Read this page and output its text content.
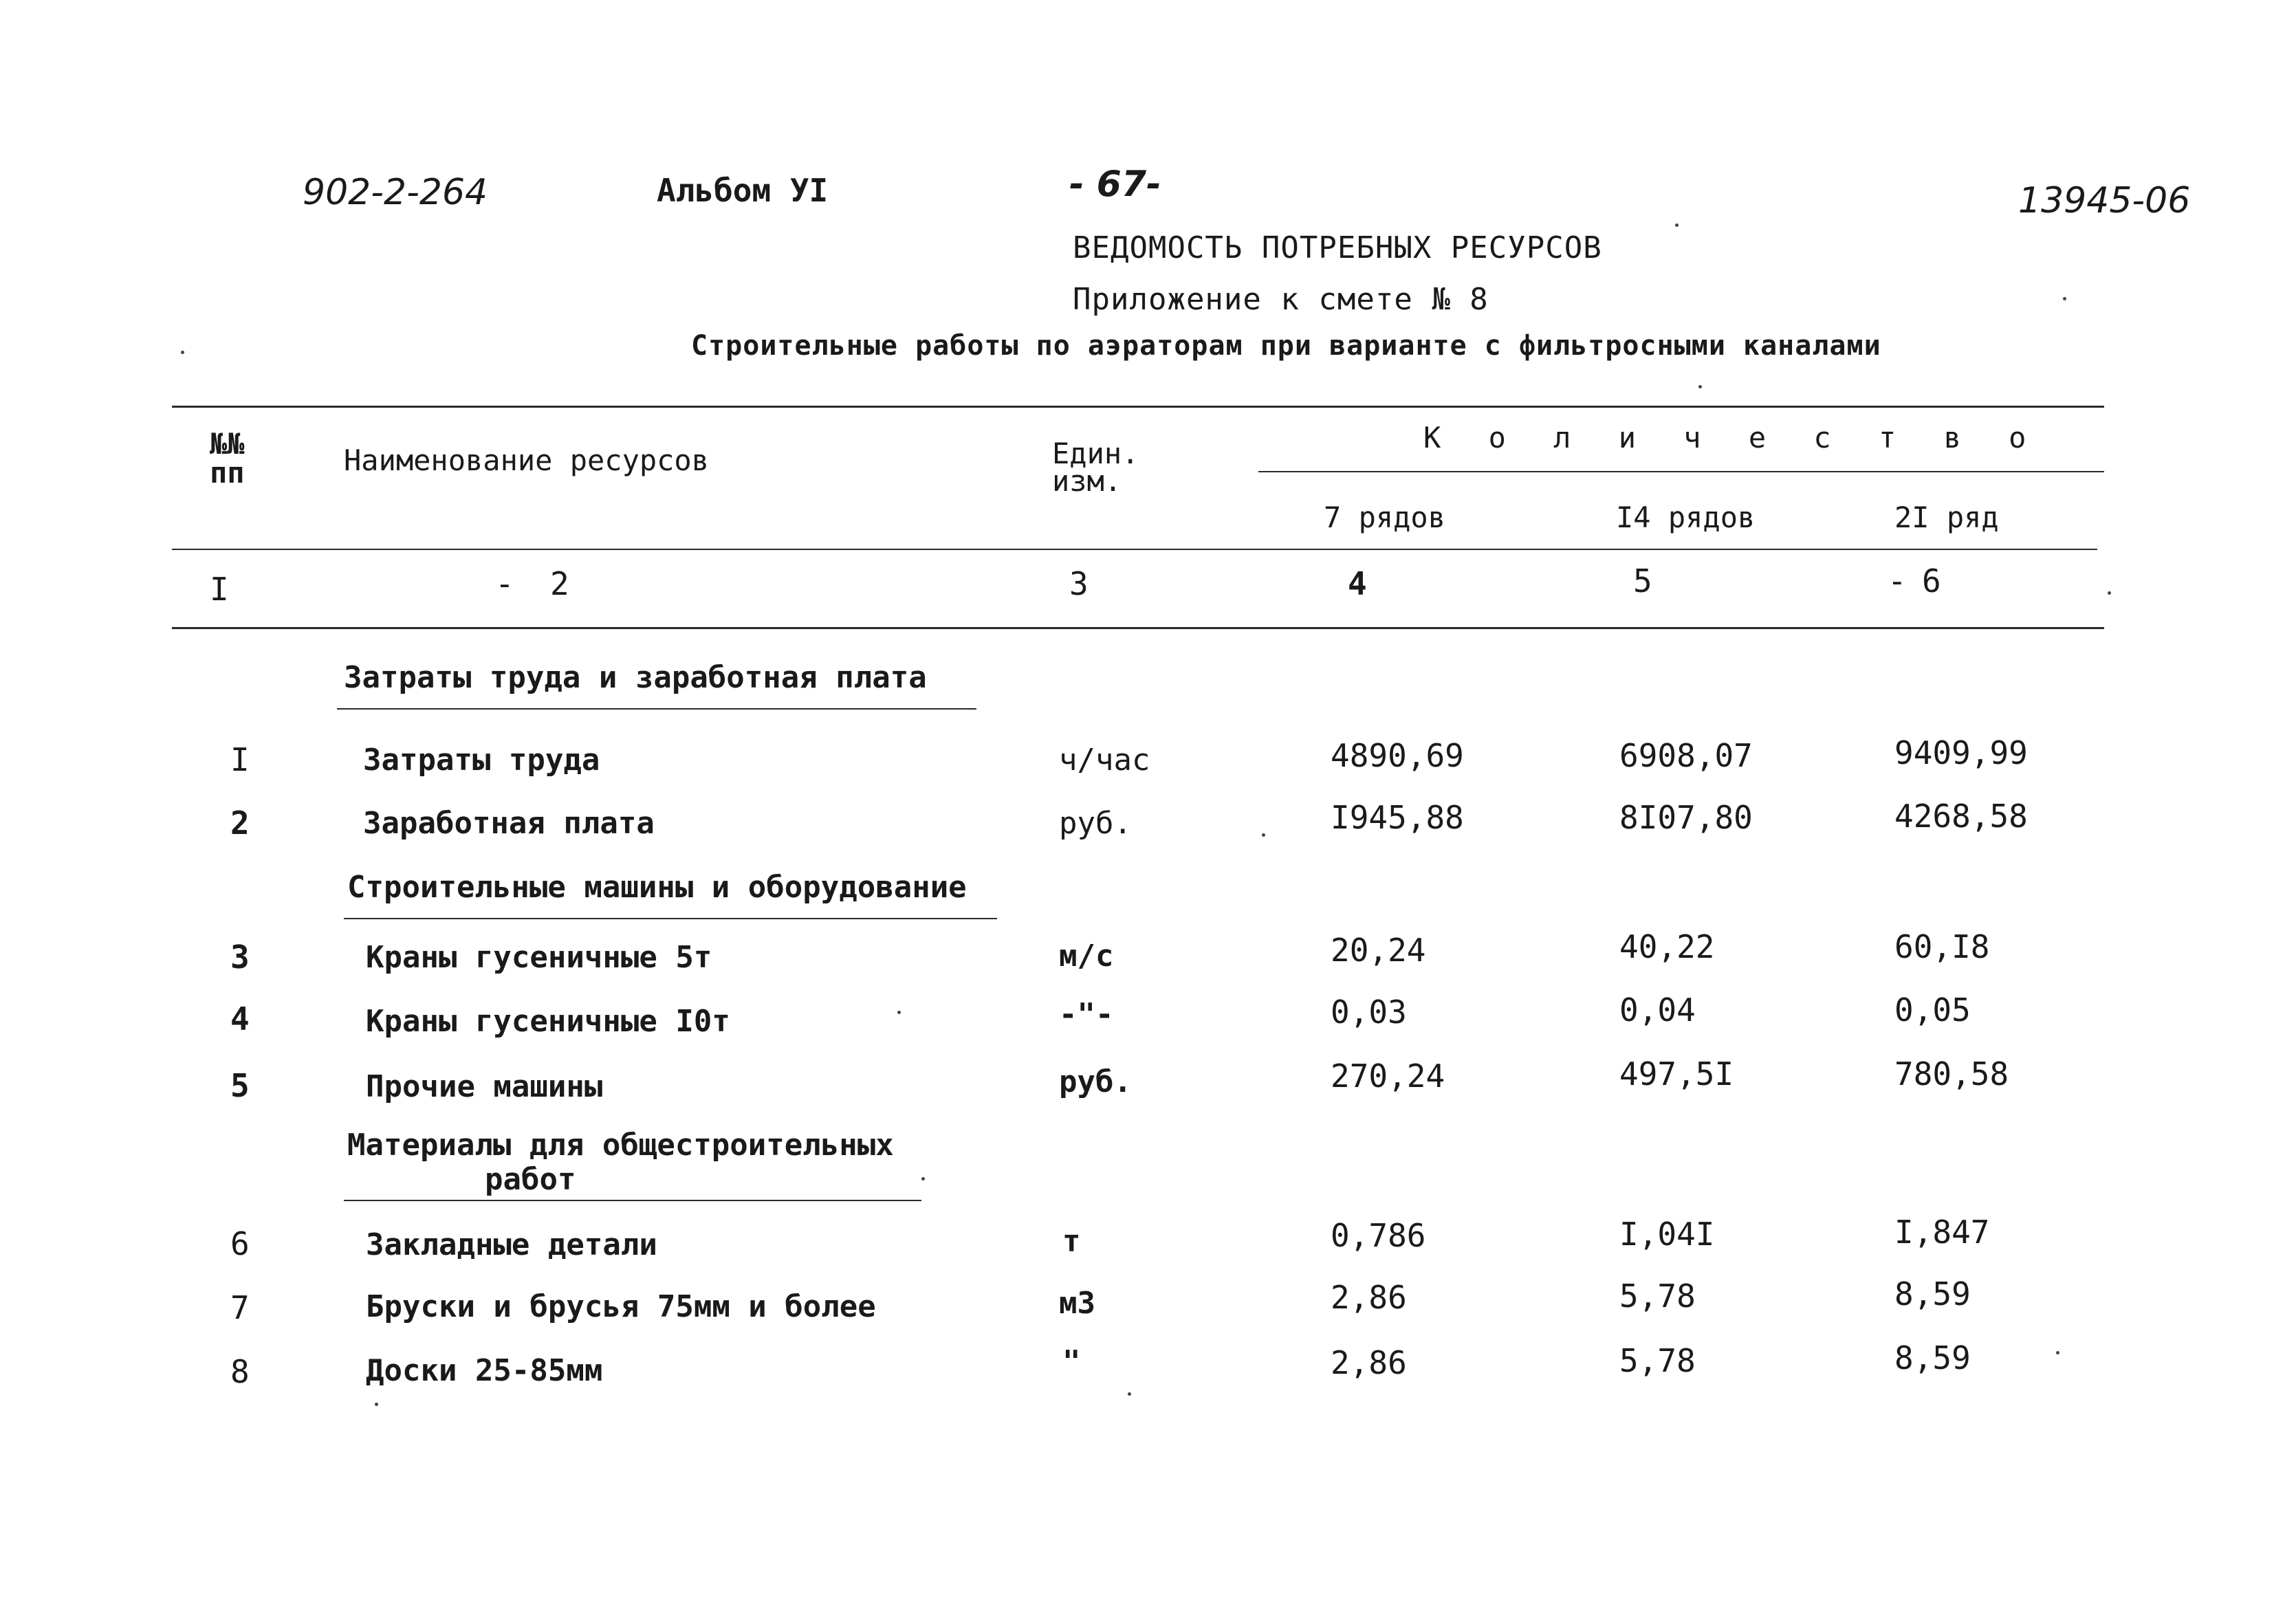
902-2-264	Альбом УI	- 67-	13945-06
ВЕДОМОСТЬ ПОТРЕБНЫХ РЕСУРСОВ
Приложение к смете № 8
Строительные работы по аэраторам при варианте с фильтросными каналами
№№
пп	Наименование ресурсов	Един.
изм.
К о л и ч е с т в о
7 рядов	I4 рядов	2I ряд
I	- 2	3	4	5	- 6
Затраты труда и заработная плата
I	Затраты труда	ч/час	4890,69	6908,07	9409,99
2	Заработная плата	руб.	I945,88	8I07,80	4268,58
Строительные машины и оборудование
3	Краны гусеничные 5т	м/с	20,24	40,22	60,I8
4	Краны гусеничные I0т	-"-	0,03	0,04	0,05
5	Прочие машины	руб.	270,24	497,5I	780,58
Материалы для общестроительных
работ
6	Закладные детали	т	0,786	I,04I	I,847
7	Бруски и брусья 75мм и более	м3	2,86	5,78	8,59
8	Доски 25-85мм	"	2,86	5,78	8,59
